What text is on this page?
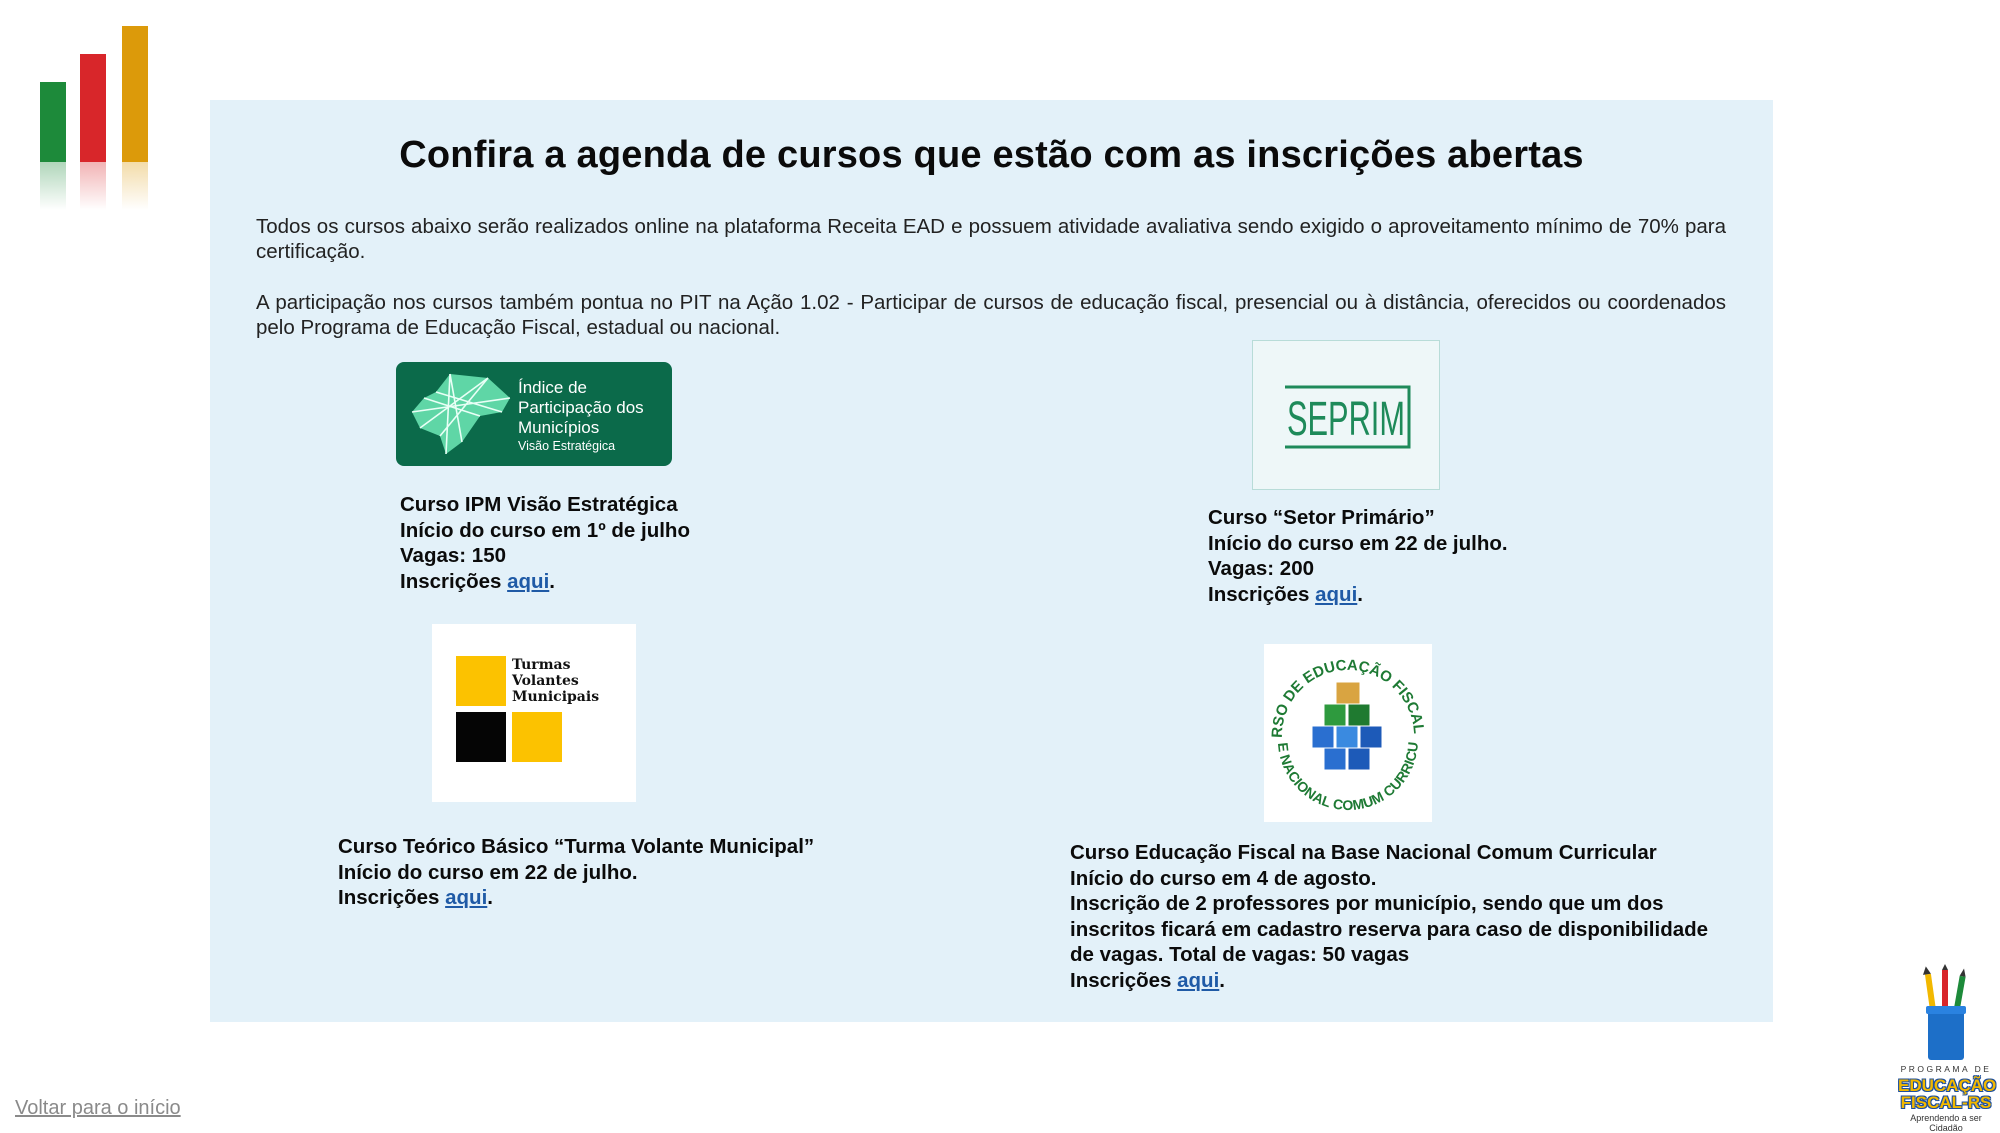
Confira a agenda de cursos que estão com as inscrições abertas

Todos os cursos abaixo serão realizados online na plataforma Receita EAD e possuem atividade avaliativa sendo exigido o aproveitamento mínimo de 70% para certificação.

A participação nos cursos também pontua no PIT na Ação 1.02 - Participar de cursos de educação fiscal, presencial ou à distância, oferecidos ou coordenados pelo Programa de Educação Fiscal, estadual ou nacional.

Índice de
Participação dos
Municípios
Visão Estratégica
Curso IPM Visão Estratégica
Início do curso em 1º de julho
Vagas: 150
Inscrições aqui.
SEPRIM
Curso “Setor Primário”
Início do curso em 22 de julho.
Vagas: 200
Inscrições aqui.
Turmas
Volantes
Municipais
Curso Teórico Básico “Turma Volante Municipal”
Início do curso em 22 de julho.
Inscrições aqui.
RSO DE EDUCAÇÃO FISCAL
E NACIONAL COMUM CURRICU
Curso Educação Fiscal na Base Nacional Comum Curricular
Início do curso em 4 de agosto.
Inscrição de 2 professores por município, sendo que um dos
inscritos ficará em cadastro reserva para caso de disponibilidade
de vagas. Total de vagas: 50 vagas
Inscrições aqui.
Voltar para o início
PROGRAMA DE
EDUCAÇÃO
FISCAL-RS
Aprendendo a ser Cidadão
